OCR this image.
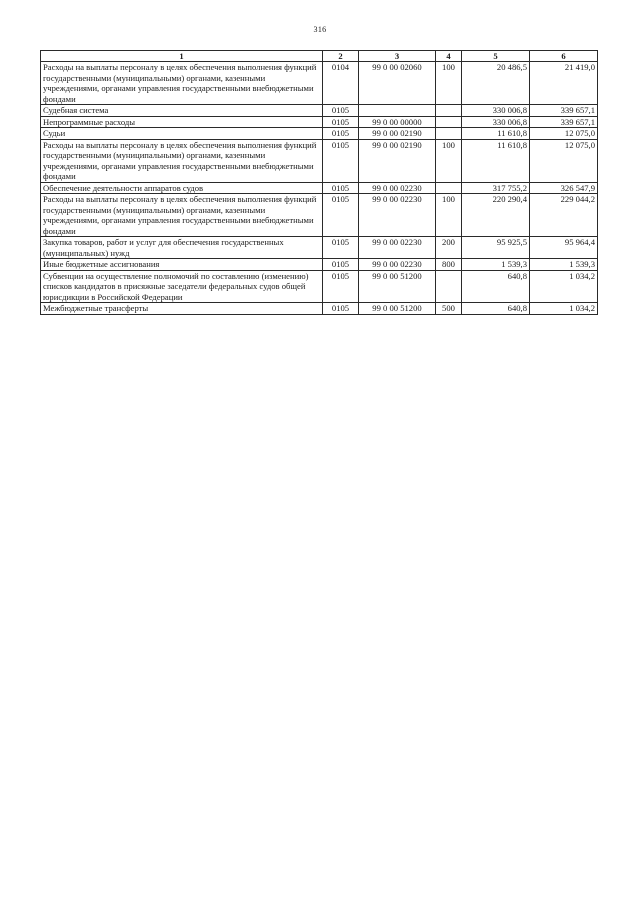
316
1	2	3	4	5	6
Расходы на выплаты персоналу в целях обеспечения выполнения функций государственными (муниципальными) органами, казенными учреждениями, органами управления государственными внебюджетными фондами	0104	99 0 00 02060	100	20 486,5	21 419,0
Судебная система	0105			330 006,8	339 657,1
Непрограммные расходы	0105	99 0 00 00000		330 006,8	339 657,1
Судьи	0105	99 0 00 02190		11 610,8	12 075,0
Расходы на выплаты персоналу в целях обеспечения выполнения функций государственными (муниципальными) органами, казенными учреждениями, органами управления государственными внебюджетными фондами	0105	99 0 00 02190	100	11 610,8	12 075,0
Обеспечение деятельности аппаратов судов	0105	99 0 00 02230		317 755,2	326 547,9
Расходы на выплаты персоналу в целях обеспечения выполнения функций государственными (муниципальными) органами, казенными учреждениями, органами управления государственными внебюджетными фондами	0105	99 0 00 02230	100	220 290,4	229 044,2
Закупка товаров, работ и услуг для обеспечения государственных (муниципальных) нужд	0105	99 0 00 02230	200	95 925,5	95 964,4
Иные бюджетные ассигнования	0105	99 0 00 02230	800	1 539,3	1 539,3
Субвенции на осуществление полномочий по составлению (изменению) списков кандидатов в присяжные заседатели федеральных судов общей юрисдикции в Российской Федерации	0105	99 0 00 51200		640,8	1 034,2
Межбюджетные трансферты	0105	99 0 00 51200	500	640,8	1 034,2
